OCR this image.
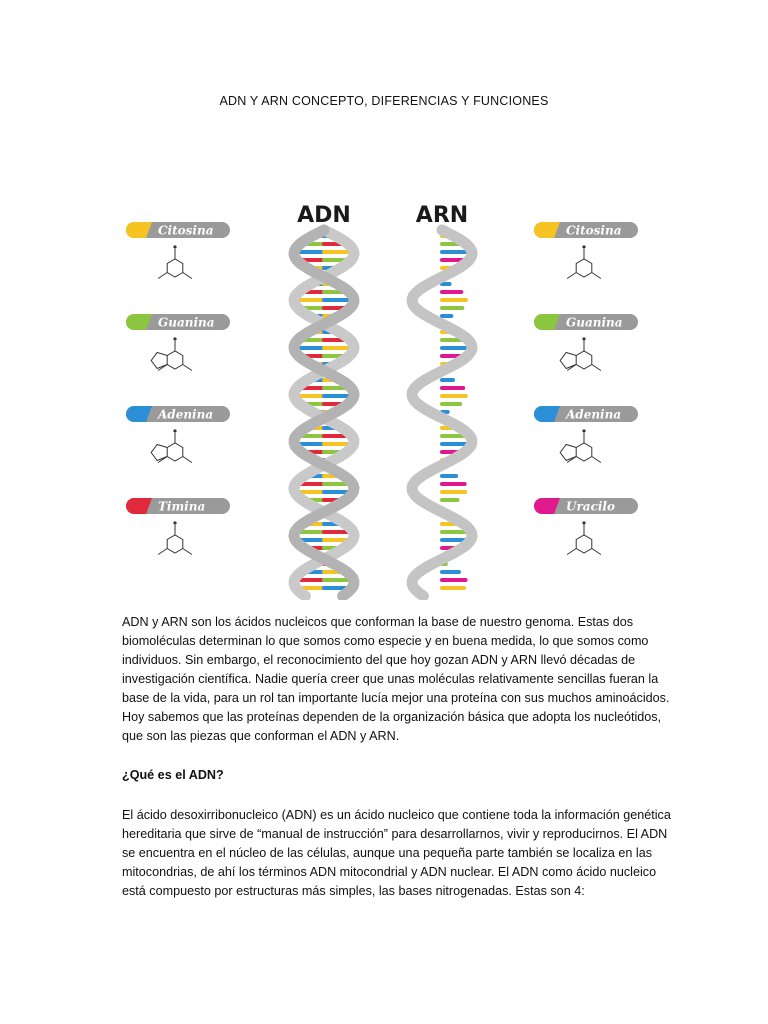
ADN Y ARN CONCEPTO, DIFERENCIAS Y FUNCIONES
ADN	ARN
Citosina
Guanina
Adenina
Timina
Citosina
Guanina
Adenina
Uracilo
ADN y ARN son los ácidos nucleicos que conforman la base de nuestro genoma. Estas dos
biomoléculas determinan lo que somos como especie y en buena medida, lo que somos como
individuos. Sin embargo, el reconocimiento del que hoy gozan ADN y ARN llevó décadas de
investigación científica. Nadie quería creer que unas moléculas relativamente sencillas fueran la
base de la vida, para un rol tan importante lucía mejor una proteína con sus muchos aminoácidos.
Hoy sabemos que las proteínas dependen de la organización básica que adopta los nucleótidos,
que son las piezas que conforman el ADN y ARN.
¿Qué es el ADN?
El ácido desoxirribonucleico (ADN) es un ácido nucleico que contiene toda la información genética
hereditaria que sirve de “manual de instrucción” para desarrollarnos, vivir y reproducirnos. El ADN
se encuentra en el núcleo de las células, aunque una pequeña parte también se localiza en las
mitocondrias, de ahí los términos ADN mitocondrial y ADN nuclear. El ADN como ácido nucleico
está compuesto por estructuras más simples, las bases nitrogenadas. Estas son 4:
